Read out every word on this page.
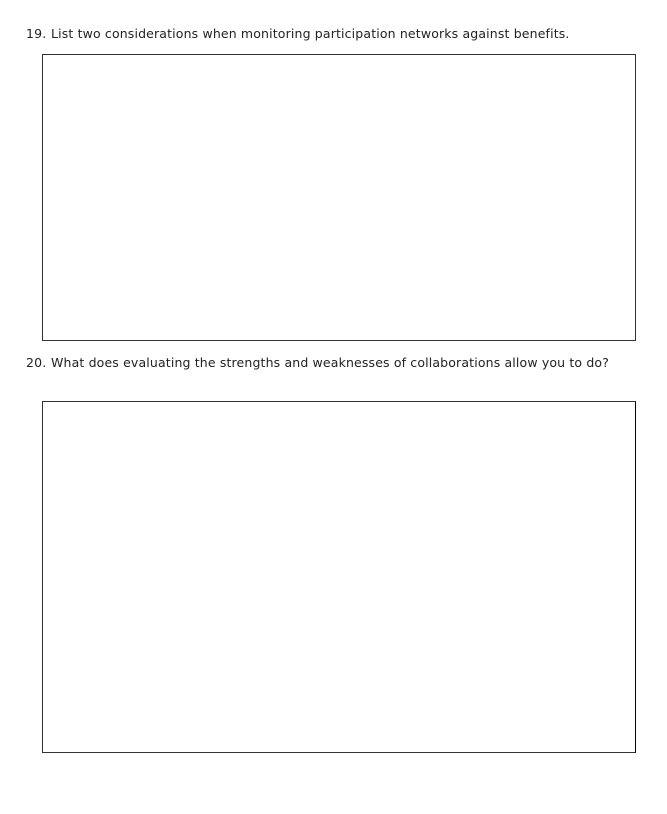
19. List two considerations when monitoring participation networks against benefits.
20. What does evaluating the strengths and weaknesses of collaborations allow you to do?
